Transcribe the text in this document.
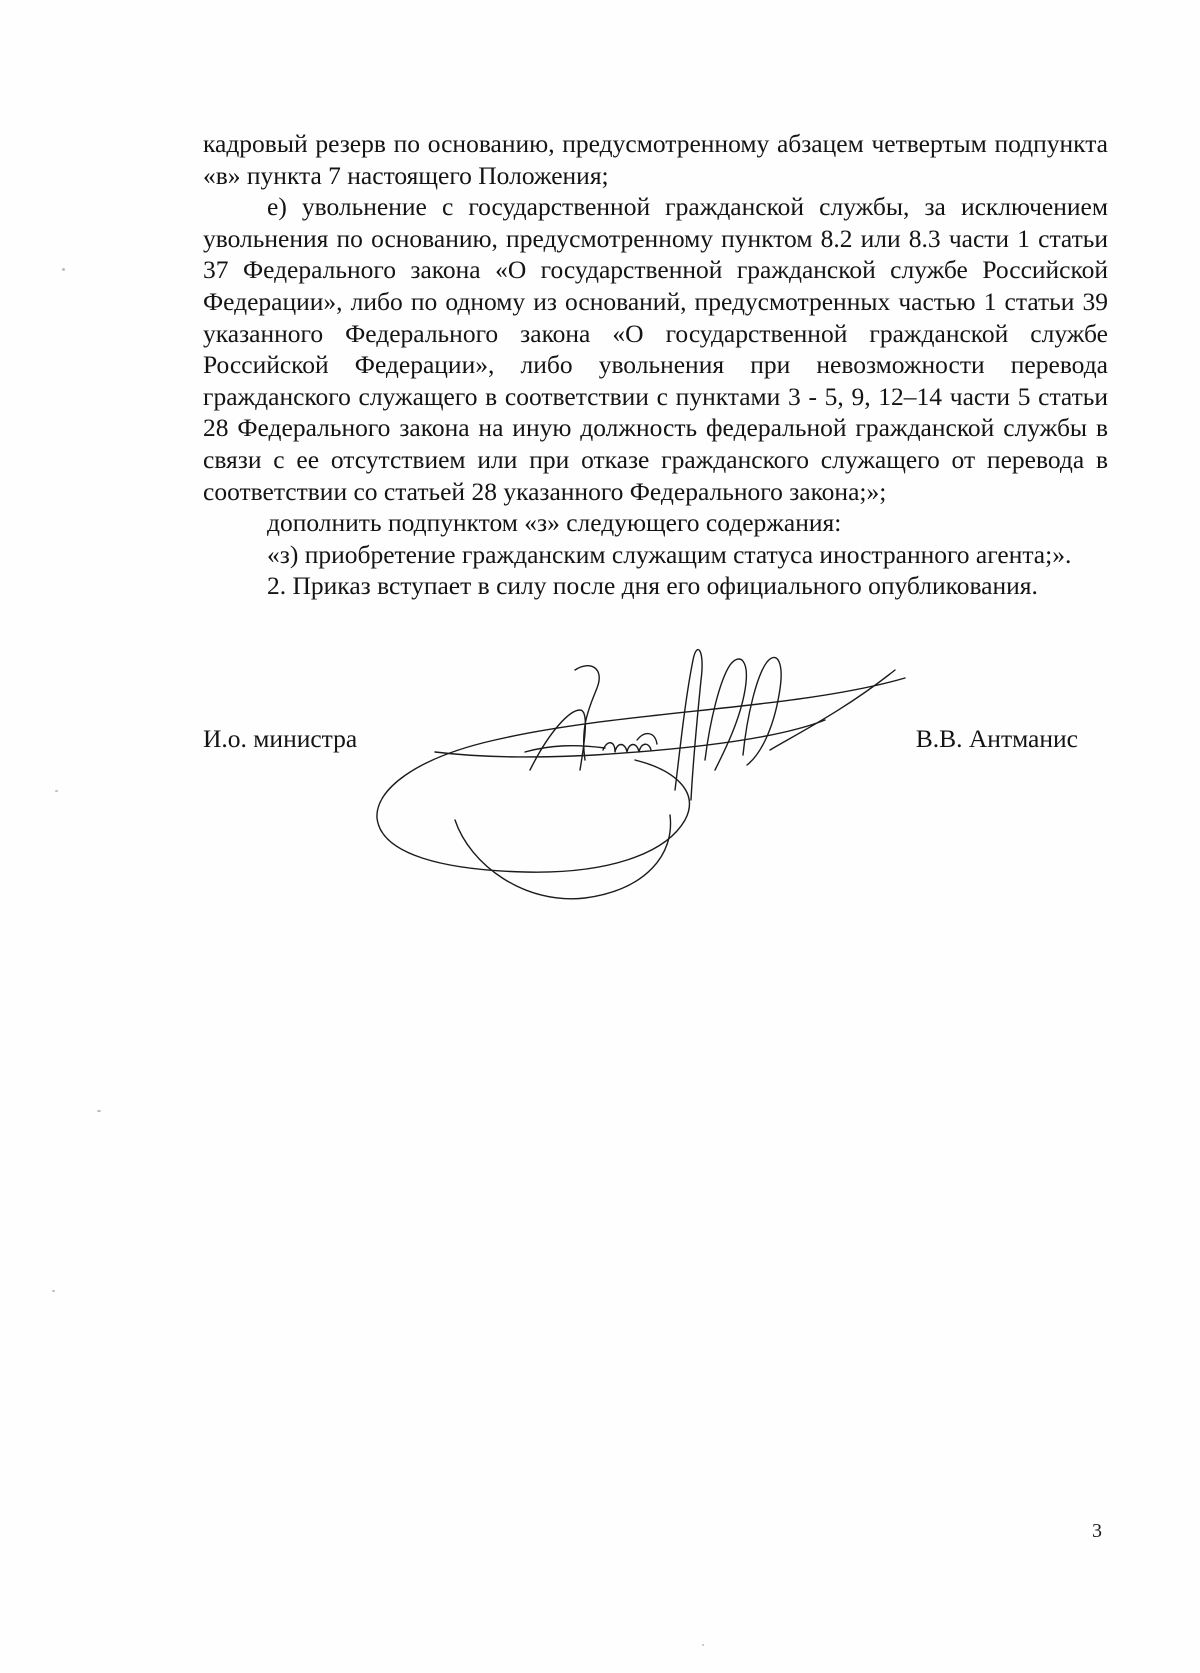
кадровый резерв по основанию, предусмотренному абзацем четвертым подпункта «в» пункта 7 настоящего Положения;

е) увольнение с государственной гражданской службы, за исключением увольнения по основанию, предусмотренному пунктом 8.2 или 8.3 части 1 статьи 37 Федерального закона «О государственной гражданской службе Российской Федерации», либо по одному из оснований, предусмотренных частью 1 статьи 39 указанного Федерального закона «О государственной гражданской службе Российской Федерации», либо увольнения при невозможности перевода гражданского служащего в соответствии с пунктами 3 - 5, 9, 12–14 части 5 статьи 28 Федерального закона на иную должность федеральной гражданской службы в связи с ее отсутствием или при отказе гражданского служащего от перевода в соответствии со статьей 28 указанного Федерального закона;»;

дополнить подпунктом «з» следующего содержания:

«з) приобретение гражданским служащим статуса иностранного агента;».

2. Приказ вступает в силу после дня его официального опубликования.

И.о. министра	В.В. Антманис
3
